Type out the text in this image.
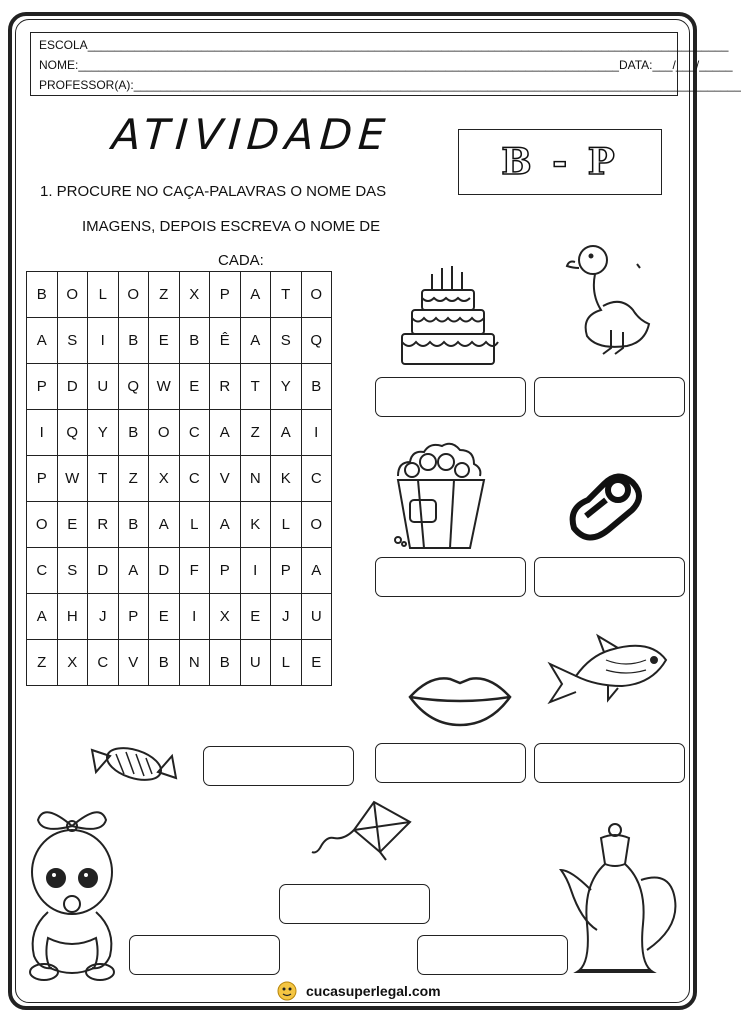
ESCOLA________________________________________________________________________________________________
NOME:_________________________________________________________________________________DATA:___/___/_____
PROFESSOR(A):___________________________________________________________________________________________
ATIVIDADE
B - P
1. PROCURE NO CAÇA-PALAVRAS O NOME DAS
IMAGENS, DEPOIS ESCREVA O NOME DE
CADA:
B	O	L	O	Z	X	P	A	T	O
A	S	I	B	E	B	Ê	A	S	Q
P	D	U	Q	W	E	R	T	Y	B
I	Q	Y	B	O	C	A	Z	A	I
P	W	T	Z	X	C	V	N	K	C
O	E	R	B	A	L	A	K	L	O
C	S	D	A	D	F	P	I	P	A
A	H	J	P	E	I	X	E	J	U
Z	X	C	V	B	N	B	U	L	E
cucasuperlegal.com
